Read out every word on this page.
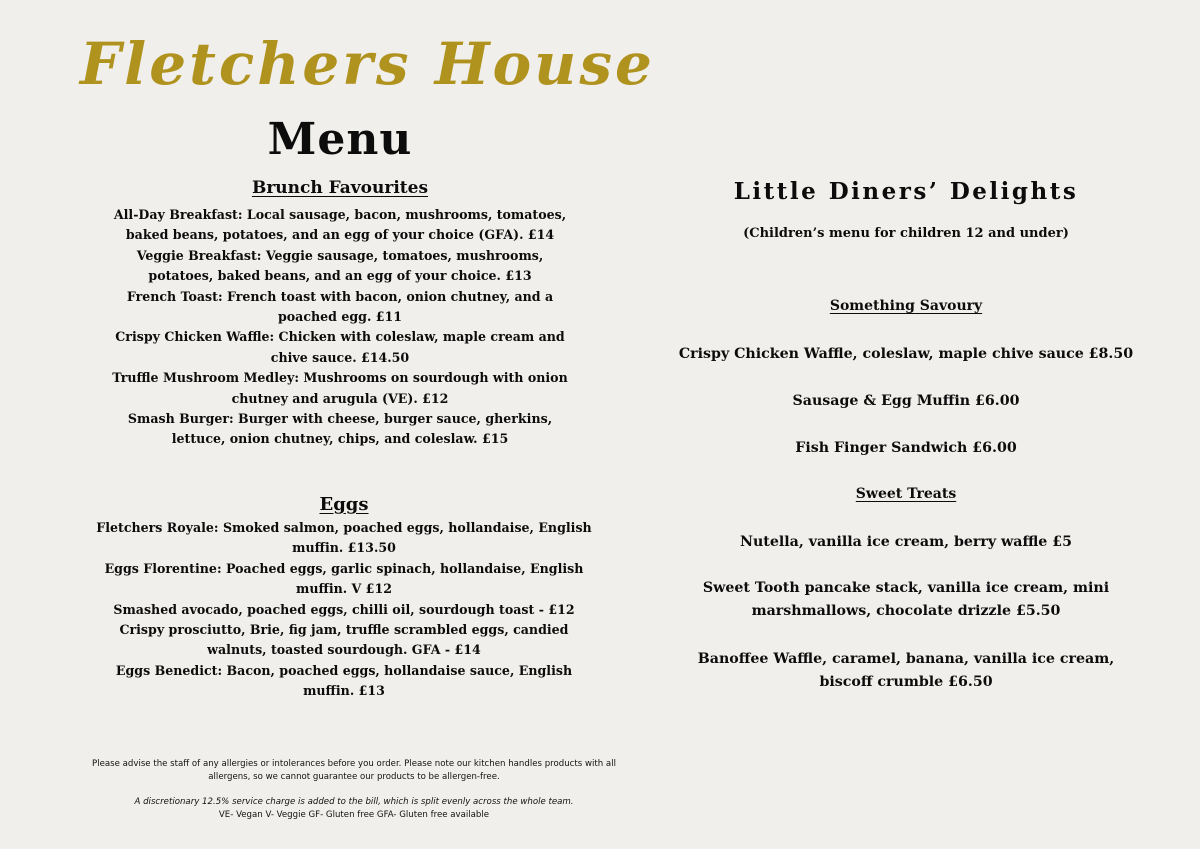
Fletchers House
Menu
Brunch Favourites

All-Day Breakfast: Local sausage, bacon, mushrooms, tomatoes, baked beans, potatoes, and an egg of your choice (GFA). £14

Veggie Breakfast: Veggie sausage, tomatoes, mushrooms, potatoes, baked beans, and an egg of your choice. £13

French Toast: French toast with bacon, onion chutney, and a poached egg. £11

Crispy Chicken Waffle: Chicken with coleslaw, maple cream and chive sauce. £14.50

Truffle Mushroom Medley: Mushrooms on sourdough with onion chutney and arugula (VE). £12

Smash Burger: Burger with cheese, burger sauce, gherkins, lettuce, onion chutney, chips, and coleslaw. £15

Eggs

Fletchers Royale: Smoked salmon, poached eggs, hollandaise, English muffin. £13.50

Eggs Florentine: Poached eggs, garlic spinach, hollandaise, English muffin. V £12

Smashed avocado, poached eggs, chilli oil, sourdough toast - £12

Crispy prosciutto, Brie, fig jam, truffle scrambled eggs, candied walnuts, toasted sourdough. GFA - £14

Eggs Benedict: Bacon, poached eggs, hollandaise sauce, English muffin. £13

Please advise the staff of any allergies or intolerances before you order. Please note our kitchen handles products with all allergens, so we cannot guarantee our products to be allergen-free.

A discretionary 12.5% service charge is added to the bill, which is split evenly across the whole team.

VE- Vegan V- Veggie GF- Gluten free GFA- Gluten free available

Little Diners’ Delights
(Children’s menu for children 12 and under)
Something Savoury
Crispy Chicken Waffle, coleslaw, maple chive sauce £8.50
Sausage & Egg Muffin £6.00
Fish Finger Sandwich £6.00
Sweet Treats
Nutella, vanilla ice cream, berry waffle £5
Sweet Tooth pancake stack, vanilla ice cream, mini marshmallows, chocolate drizzle £5.50
Banoffee Waffle, caramel, banana, vanilla ice cream, biscoff crumble £6.50
